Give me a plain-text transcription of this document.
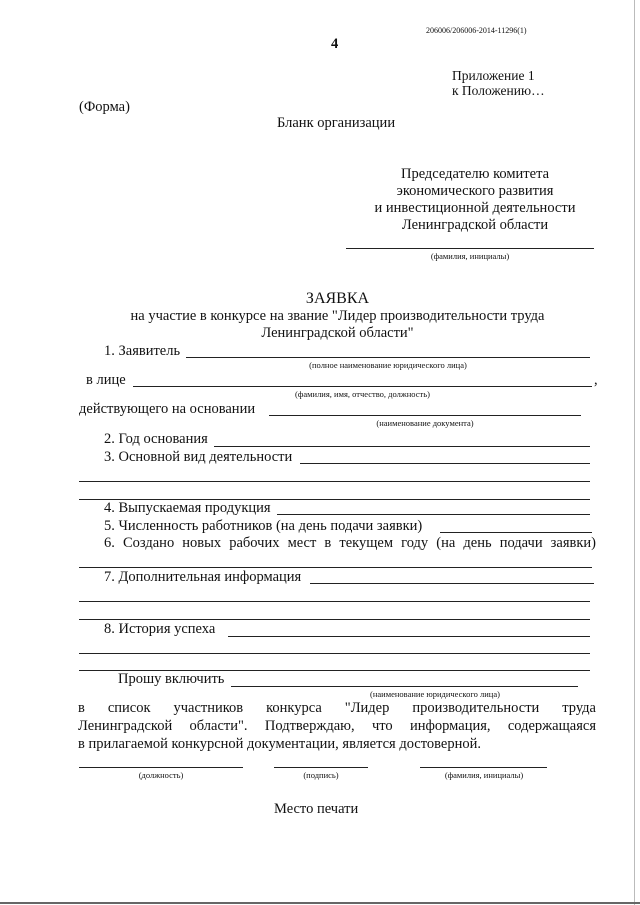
206006/206006-2014-11296(1)
4
Приложение 1
к Положению…
(Форма)
Бланк организации
Председателю комитета
экономического развития
и инвестиционной деятельности
Ленинградской области
(фамилия, инициалы)
ЗАЯВКА
на участие в конкурсе на звание "Лидер производительности труда
Ленинградской области"
1. Заявитель
(полное наименование юридического лица)
в лице	,
(фамилия, имя, отчество, должность)
действующего на основании
(наименование документа)
2. Год основания
3. Основной вид деятельности
4. Выпускаемая продукция
5. Численность работников (на день подачи заявки)
6. Создано новых рабочих мест в текущем году (на день подачи заявки)
7. Дополнительная информация
8. История успеха
Прошу включить
(наименование юридического лица)
в список участников конкурса "Лидер производительности труда
Ленинградской области". Подтверждаю, что информация, содержащаяся
в прилагаемой конкурсной документации, является достоверной.
(должность)	(подпись)	(фамилия, инициалы)
Место печати
